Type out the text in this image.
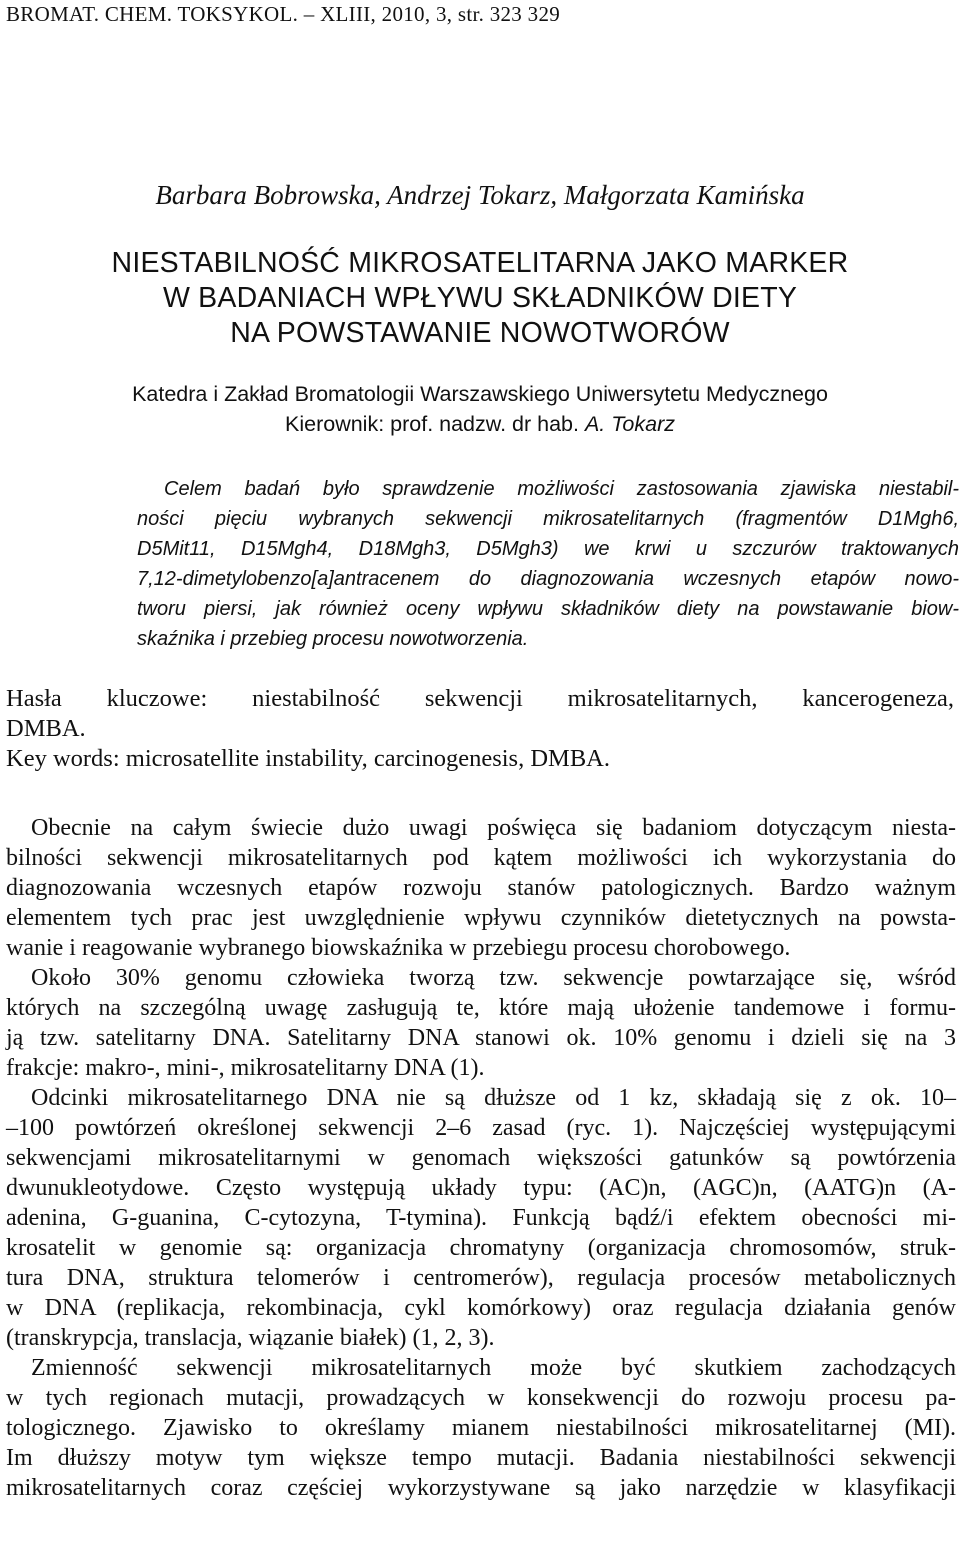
BROMAT. CHEM. TOKSYKOL. – XLIII, 2010, 3, str. 323 329
Barbara Bobrowska, Andrzej Tokarz, Małgorzata Kamińska
NIESTABILNOŚĆ MIKROSATELITARNA JAKO MARKER
W BADANIACH WPŁYWU SKŁADNIKÓW DIETY
NA POWSTAWANIE NOWOTWORÓW
Katedra i Zakład Bromatologii Warszawskiego Uniwersytetu Medycznego
Kierownik: prof. nadzw. dr hab. A. Tokarz
Celem badań było sprawdzenie możliwości zastosowania zjawiska niestabil-
ności pięciu wybranych sekwencji mikrosatelitarnych (fragmentów D1Mgh6,
D5Mit11, D15Mgh4, D18Mgh3, D5Mgh3) we krwi u szczurów traktowanych
7,12-dimetylobenzo[a]antracenem do diagnozowania wczesnych etapów nowo-
tworu piersi, jak również oceny wpływu składników diety na powstawanie biow-
skaźnika i przebieg procesu nowotworzenia.
Hasła kluczowe: niestabilność sekwencji mikrosatelitarnych, kancerogeneza,
DMBA.
Key words: microsatellite instability, carcinogenesis, DMBA.
Obecnie na całym świecie dużo uwagi poświęca się badaniom dotyczącym niesta-
bilności sekwencji mikrosatelitarnych pod kątem możliwości ich wykorzystania do
diagnozowania wczesnych etapów rozwoju stanów patologicznych. Bardzo ważnym
elementem tych prac jest uwzględnienie wpływu czynników dietetycznych na powsta-
wanie i reagowanie wybranego biowskaźnika w przebiegu procesu chorobowego.
Około 30% genomu człowieka tworzą tzw. sekwencje powtarzające się, wśród
których na szczególną uwagę zasługują te, które mają ułożenie tandemowe i formu-
ją tzw. satelitarny DNA. Satelitarny DNA stanowi ok. 10% genomu i dzieli się na 3
frakcje: makro-, mini-, mikrosatelitarny DNA (1).
Odcinki mikrosatelitarnego DNA nie są dłuższe od 1 kz, składają się z ok. 10–
–100 powtórzeń określonej sekwencji 2–6 zasad (ryc. 1). Najczęściej występującymi
sekwencjami mikrosatelitarnymi w genomach większości gatunków są powtórzenia
dwunukleotydowe. Często występują układy typu: (AC)n, (AGC)n, (AATG)n (A-
adenina, G-guanina, C-cytozyna, T-tymina). Funkcją bądź/i efektem obecności mi-
krosatelit w genomie są: organizacja chromatyny (organizacja chromosomów, struk-
tura DNA, struktura telomerów i centromerów), regulacja procesów metabolicznych
w DNA (replikacja, rekombinacja, cykl komórkowy) oraz regulacja działania genów
(transkrypcja, translacja, wiązanie białek) (1, 2, 3).
Zmienność sekwencji mikrosatelitarnych może być skutkiem zachodzących
w tych regionach mutacji, prowadzących w konsekwencji do rozwoju procesu pa-
tologicznego. Zjawisko to określamy mianem niestabilności mikrosatelitarnej (MI).
Im dłuższy motyw tym większe tempo mutacji. Badania niestabilności sekwencji
mikrosatelitarnych coraz częściej wykorzystywane są jako narzędzie w klasyfikacji
